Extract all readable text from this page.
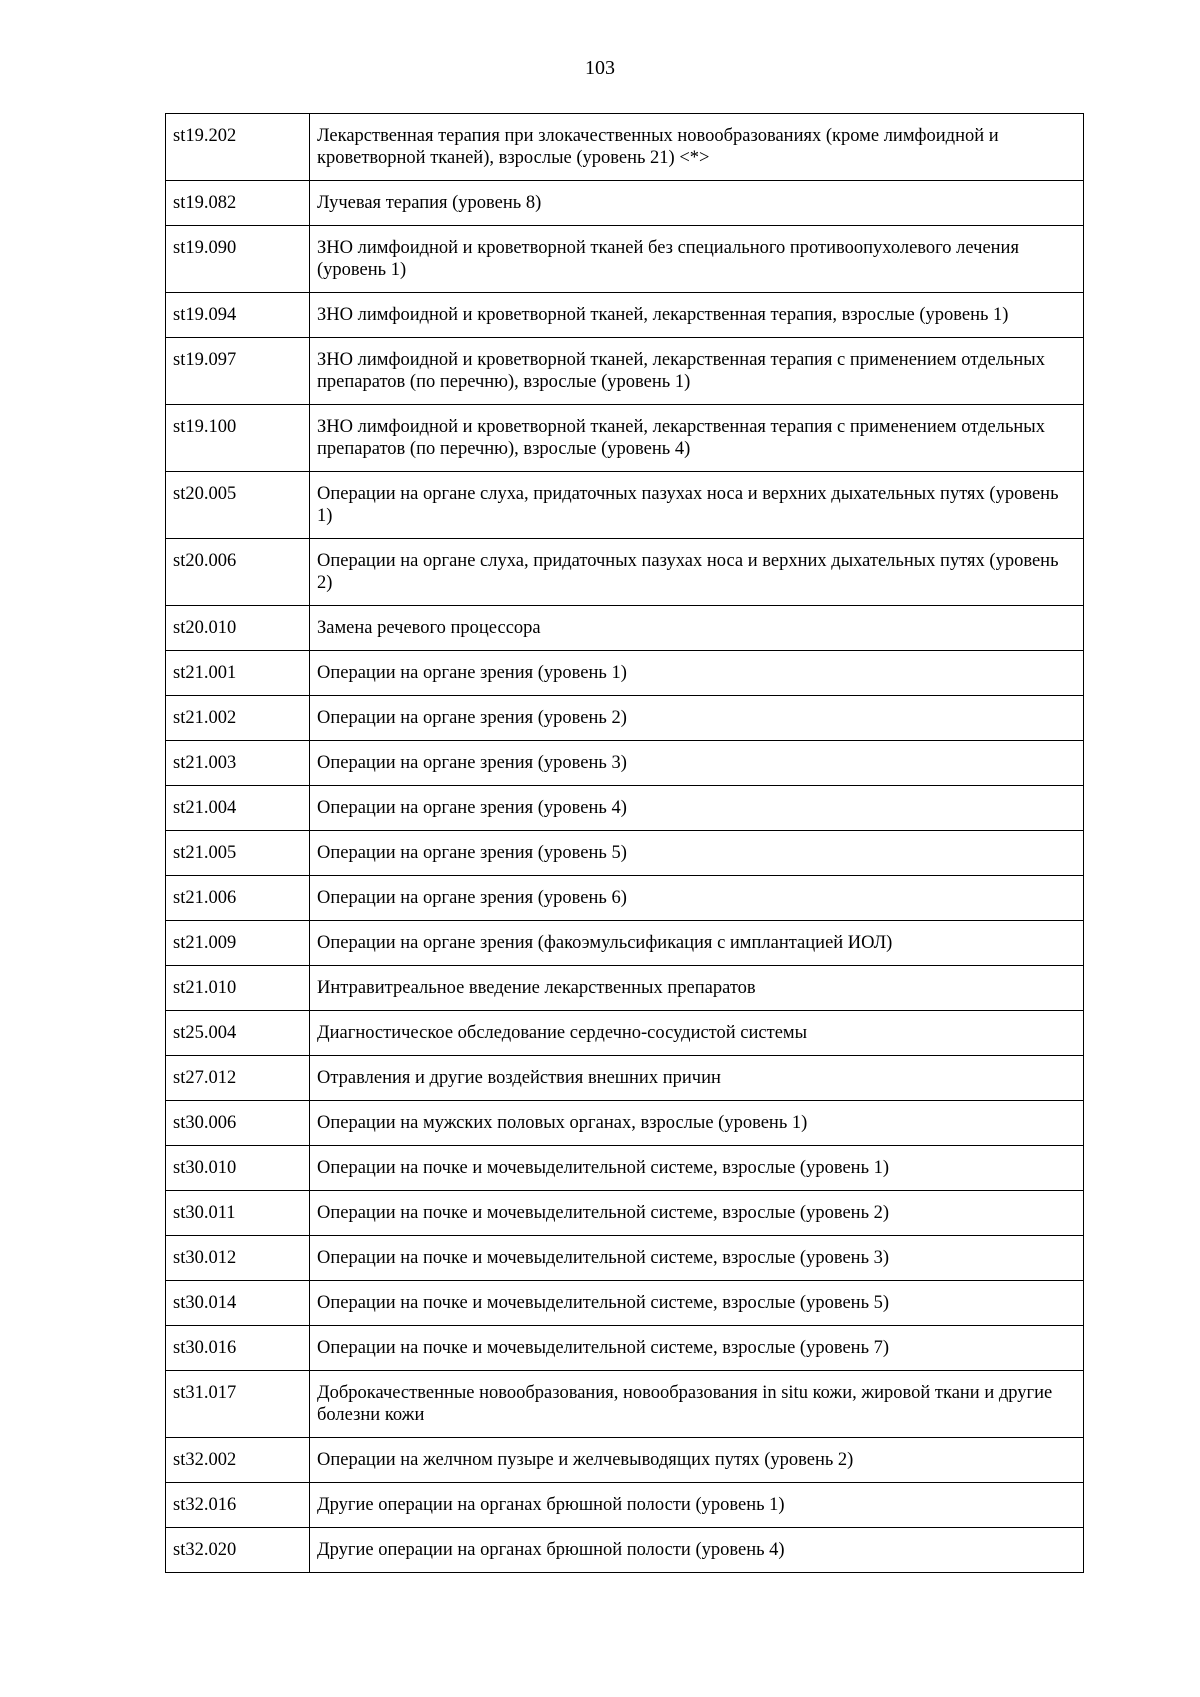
103
st19.202	Лекарственная терапия при злокачественных новообразованиях (кроме лимфоидной и кроветворной тканей), взрослые (уровень 21) <*>
st19.082	Лучевая терапия (уровень 8)
st19.090	ЗНО лимфоидной и кроветворной тканей без специального противоопухолевого лечения (уровень 1)
st19.094	ЗНО лимфоидной и кроветворной тканей, лекарственная терапия, взрослые (уровень 1)
st19.097	ЗНО лимфоидной и кроветворной тканей, лекарственная терапия с применением отдельных препаратов (по перечню), взрослые (уровень 1)
st19.100	ЗНО лимфоидной и кроветворной тканей, лекарственная терапия с применением отдельных препаратов (по перечню), взрослые (уровень 4)
st20.005	Операции на органе слуха, придаточных пазухах носа и верхних дыхательных путях (уровень 1)
st20.006	Операции на органе слуха, придаточных пазухах носа и верхних дыхательных путях (уровень 2)
st20.010	Замена речевого процессора
st21.001	Операции на органе зрения (уровень 1)
st21.002	Операции на органе зрения (уровень 2)
st21.003	Операции на органе зрения (уровень 3)
st21.004	Операции на органе зрения (уровень 4)
st21.005	Операции на органе зрения (уровень 5)
st21.006	Операции на органе зрения (уровень 6)
st21.009	Операции на органе зрения (факоэмульсификация с имплантацией ИОЛ)
st21.010	Интравитреальное введение лекарственных препаратов
st25.004	Диагностическое обследование сердечно-сосудистой системы
st27.012	Отравления и другие воздействия внешних причин
st30.006	Операции на мужских половых органах, взрослые (уровень 1)
st30.010	Операции на почке и мочевыделительной системе, взрослые (уровень 1)
st30.011	Операции на почке и мочевыделительной системе, взрослые (уровень 2)
st30.012	Операции на почке и мочевыделительной системе, взрослые (уровень 3)
st30.014	Операции на почке и мочевыделительной системе, взрослые (уровень 5)
st30.016	Операции на почке и мочевыделительной системе, взрослые (уровень 7)
st31.017	Доброкачественные новообразования, новообразования in situ кожи, жировой ткани и другие болезни кожи
st32.002	Операции на желчном пузыре и желчевыводящих путях (уровень 2)
st32.016	Другие операции на органах брюшной полости (уровень 1)
st32.020	Другие операции на органах брюшной полости (уровень 4)
